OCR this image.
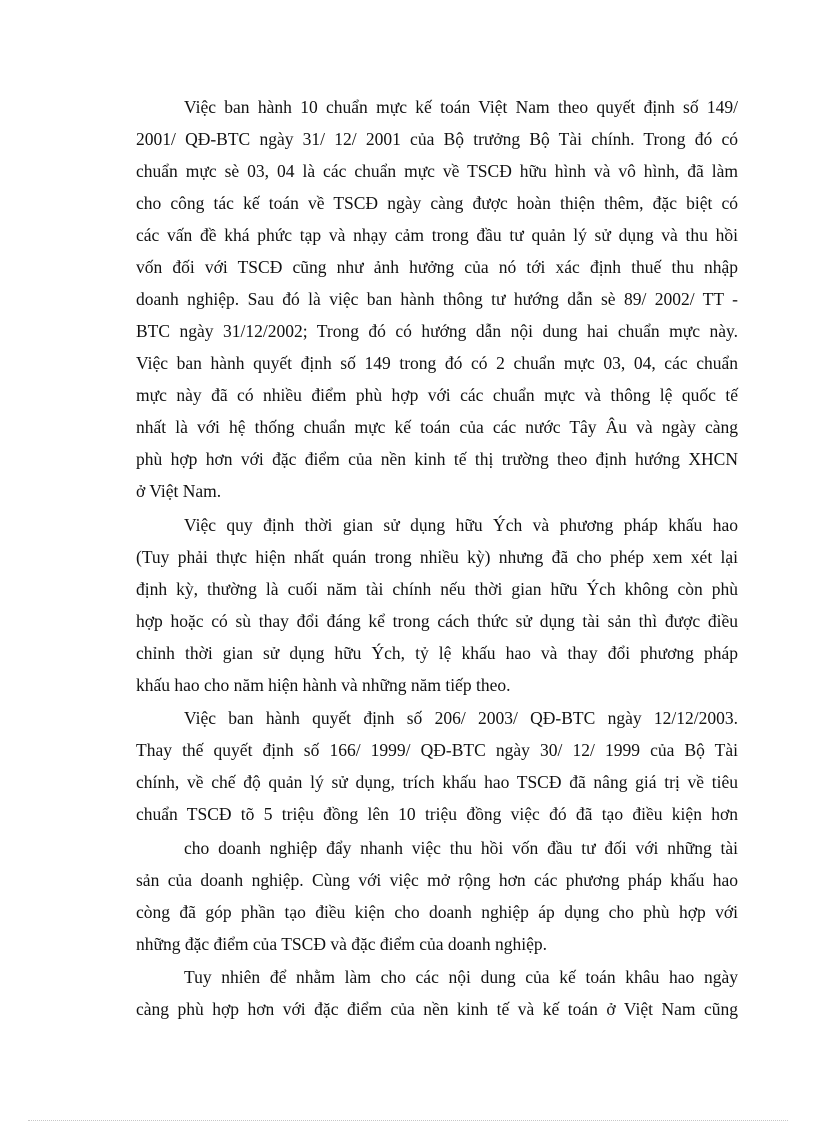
Việc ban hành 10 chuẩn mực kế toán Việt Nam theo quyết định số 149/
2001/ QĐ-BTC ngày 31/ 12/ 2001 của Bộ trưởng Bộ Tài chính. Trong đó có
chuẩn mực sè 03, 04 là các chuẩn mực về TSCĐ hữu hình và vô hình, đã làm
cho công tác kế toán về TSCĐ ngày càng được hoàn thiện thêm, đặc biệt có
các vấn đề khá phức tạp và nhạy cảm trong đầu tư quản lý sử dụng và thu hồi
vốn đối với TSCĐ cũng như ảnh hưởng của nó tới xác định thuế thu nhập
doanh nghiệp. Sau đó là việc ban hành thông tư hướng dẫn sè 89/ 2002/ TT -
BTC ngày 31/12/2002; Trong đó có hướng dẫn nội dung hai chuẩn mực này.
Việc ban hành quyết định số 149 trong đó có 2 chuẩn mực 03, 04, các chuẩn
mực này đã có nhiều điểm phù hợp với các chuẩn mực và thông lệ quốc tế
nhất là với hệ thống chuẩn mực kế toán của các nước Tây Âu và ngày càng
phù hợp hơn với đặc điểm của nền kinh tế thị trường theo định hướng XHCN
ở Việt Nam.
Việc quy định thời gian sử dụng hữu Ých và phương pháp khấu hao
(Tuy phải thực hiện nhất quán trong nhiều kỳ) nhưng đã cho phép xem xét lại
định kỳ, thường là cuối năm tài chính nếu thời gian hữu Ých không còn phù
hợp hoặc có sù thay đổi đáng kể trong cách thức sử dụng tài sản thì được điều
chỉnh thời gian sử dụng hữu Ých, tỷ lệ khấu hao và thay đổi phương pháp
khấu hao cho năm hiện hành và những năm tiếp theo.
Việc ban hành quyết định số 206/ 2003/ QĐ-BTC ngày 12/12/2003.
Thay thế quyết định số 166/ 1999/ QĐ-BTC ngày 30/ 12/ 1999 của Bộ Tài
chính, về chế độ quản lý sử dụng, trích khấu hao TSCĐ đã nâng giá trị về tiêu
chuẩn TSCĐ tõ 5 triệu đồng lên 10 triệu đồng việc đó đã tạo điều kiện hơn
cho doanh nghiệp đẩy nhanh việc thu hồi vốn đầu tư đối với những tài
sản của doanh nghiệp. Cùng với việc mở rộng hơn các phương pháp khấu hao
còng đã góp phần tạo điều kiện cho doanh nghiệp áp dụng cho phù hợp với
những đặc điểm của TSCĐ và đặc điểm của doanh nghiệp.
Tuy nhiên để nhằm làm cho các nội dung của kế toán khâu hao ngày
càng phù hợp hơn với đặc điểm của nền kinh tế và kế toán ở Việt Nam cũng
